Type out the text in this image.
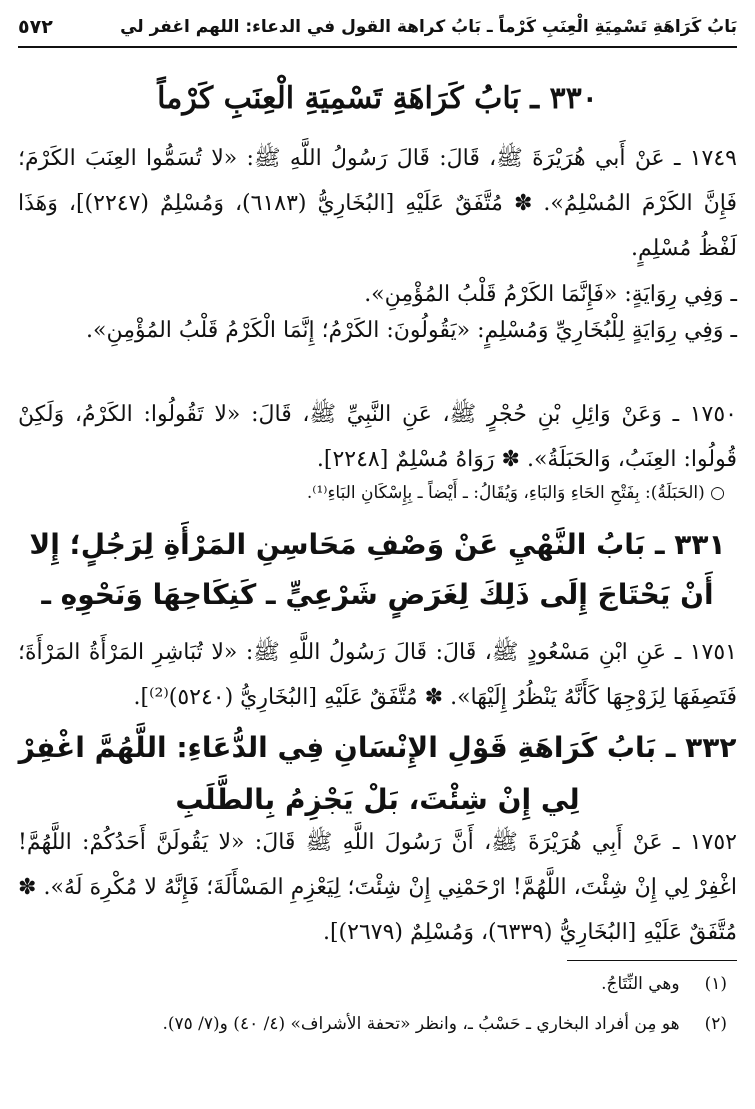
بَابُ كَرَاهَةِ تَسْمِيَةِ الْعِنَبِ كَرْماً ـ بَابُ كراهة القول في الدعاء: اللهم اغفر لي
٥٧٢
٣٣٠ ـ بَابُ كَرَاهَةِ تَسْمِيَةِ الْعِنَبِ كَرْماً
١٧٤٩ ـ عَنْ أَبي هُرَيْرَةَ ﷺ، قَالَ: قَالَ رَسُولُ اللَّهِ ﷺ: «لا تُسَمُّوا العِنَبَ الكَرْمَ؛ فَإِنَّ الكَرْمَ المُسْلِمُ». ✽ مُتَّفَقٌ عَلَيْهِ [البُخَارِيُّ (٦١٨٣)، وَمُسْلِمٌ (٢٢٤٧)]، وَهَذَا لَفْظُ مُسْلِمٍ.
ـ وَفِي رِوَايَةٍ: «فَإِنَّمَا الكَرْمُ قَلْبُ المُؤْمِنِ».
ـ وَفِي رِوَايَةٍ لِلْبُخَارِيِّ وَمُسْلِمٍ: «يَقُولُونَ: الكَرْمُ؛ إِنَّمَا الْكَرْمُ قَلْبُ المُؤْمِنِ».
١٧٥٠ ـ وَعَنْ وَائِلِ بْنِ حُجْرٍ ﷺ، عَنِ النَّبِيِّ ﷺ، قَالَ: «لا تَقُولُوا: الكَرْمُ، وَلَكِنْ قُولُوا: العِنَبُ، وَالحَبَلَةُ». ✽ رَوَاهُ مُسْلِمٌ [٢٢٤٨].
○ (الحَبَلَةُ): بِفَتْحِ الحَاءِ وَالبَاءِ، وَيُقَالُ: ـ أَيْضاً ـ بِإِسْكَانِ البَاءِ⁽¹⁾.
٣٣١ ـ بَابُ النَّهْيِ عَنْ وَصْفِ مَحَاسِنِ المَرْأَةِ لِرَجُلٍ؛ إِلا أَنْ يَحْتَاجَ إِلَى ذَلِكَ لِغَرَضٍ شَرْعِيٍّ ـ كَنِكَاحِهَا وَنَحْوِهِ ـ
١٧٥١ ـ عَنِ ابْنِ مَسْعُودٍ ﷺ، قَالَ: قَالَ رَسُولُ اللَّهِ ﷺ: «لا تُبَاشِرِ المَرْأَةُ المَرْأَةَ؛ فَتَصِفَهَا لِزَوْجِهَا كَأَنَّهُ يَنْظُرُ إِلَيْهَا». ✽ مُتَّفَقٌ عَلَيْهِ [البُخَارِيُّ (٥٢٤٠)⁽²⁾].
٣٣٢ ـ بَابُ كَرَاهَةِ قَوْلِ الإِنْسَانِ فِي الدُّعَاءِ: اللَّهُمَّ اغْفِرْ لِي إِنْ شِئْتَ، بَلْ يَجْزِمُ بِالطَّلَبِ
١٧٥٢ ـ عَنْ أَبِي هُرَيْرَةَ ﷺ، أَنَّ رَسُولَ اللَّهِ ﷺ قَالَ: «لا يَقُولَنَّ أَحَدُكُمْ: اللَّهُمَّ! اغْفِرْ لِي إِنْ شِئْتَ، اللَّهُمَّ! ارْحَمْنِي إِنْ شِئْتَ؛ لِيَعْزِمِ المَسْأَلَةَ؛ فَإِنَّهُ لا مُكْرِهَ لَهُ». ✽ مُتَّفَقٌ عَلَيْهِ [البُخَارِيُّ (٦٣٣٩)، وَمُسْلِمٌ (٢٦٧٩)].
(١) وهي النِّتَاجُ.
(٢) هو مِن أفراد البخاري ـ حَسْبُ ـ، وانظر «تحفة الأشراف» (٤/ ٤٠) و(٧/ ٧٥).
